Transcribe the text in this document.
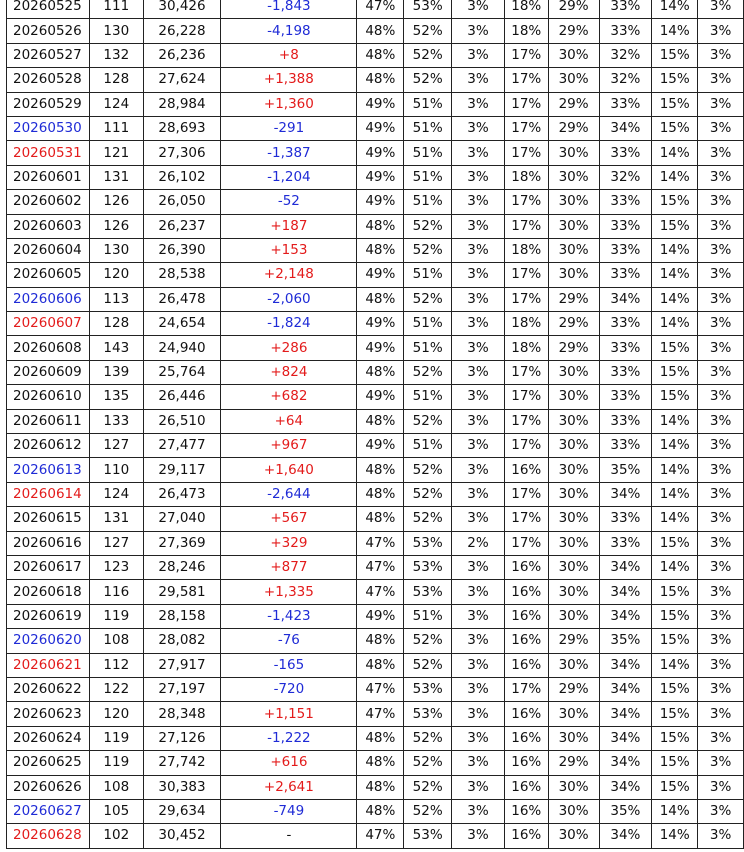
20260525	111	30,426	-1,843	47%	53%	3%	18%	29%	33%	14%	3%
20260526	130	26,228	-4,198	48%	52%	3%	18%	29%	33%	14%	3%
20260527	132	26,236	+8	48%	52%	3%	17%	30%	32%	15%	3%
20260528	128	27,624	+1,388	48%	52%	3%	17%	30%	32%	15%	3%
20260529	124	28,984	+1,360	49%	51%	3%	17%	29%	33%	15%	3%
20260530	111	28,693	-291	49%	51%	3%	17%	29%	34%	15%	3%
20260531	121	27,306	-1,387	49%	51%	3%	17%	30%	33%	14%	3%
20260601	131	26,102	-1,204	49%	51%	3%	18%	30%	32%	14%	3%
20260602	126	26,050	-52	49%	51%	3%	17%	30%	33%	15%	3%
20260603	126	26,237	+187	48%	52%	3%	17%	30%	33%	15%	3%
20260604	130	26,390	+153	48%	52%	3%	18%	30%	33%	14%	3%
20260605	120	28,538	+2,148	49%	51%	3%	17%	30%	33%	14%	3%
20260606	113	26,478	-2,060	48%	52%	3%	17%	29%	34%	14%	3%
20260607	128	24,654	-1,824	49%	51%	3%	18%	29%	33%	14%	3%
20260608	143	24,940	+286	49%	51%	3%	18%	29%	33%	15%	3%
20260609	139	25,764	+824	48%	52%	3%	17%	30%	33%	15%	3%
20260610	135	26,446	+682	49%	51%	3%	17%	30%	33%	15%	3%
20260611	133	26,510	+64	48%	52%	3%	17%	30%	33%	14%	3%
20260612	127	27,477	+967	49%	51%	3%	17%	30%	33%	14%	3%
20260613	110	29,117	+1,640	48%	52%	3%	16%	30%	35%	14%	3%
20260614	124	26,473	-2,644	48%	52%	3%	17%	30%	34%	14%	3%
20260615	131	27,040	+567	48%	52%	3%	17%	30%	33%	14%	3%
20260616	127	27,369	+329	47%	53%	2%	17%	30%	33%	15%	3%
20260617	123	28,246	+877	47%	53%	3%	16%	30%	34%	14%	3%
20260618	116	29,581	+1,335	47%	53%	3%	16%	30%	34%	15%	3%
20260619	119	28,158	-1,423	49%	51%	3%	16%	30%	34%	15%	3%
20260620	108	28,082	-76	48%	52%	3%	16%	29%	35%	15%	3%
20260621	112	27,917	-165	48%	52%	3%	16%	30%	34%	14%	3%
20260622	122	27,197	-720	47%	53%	3%	17%	29%	34%	15%	3%
20260623	120	28,348	+1,151	47%	53%	3%	16%	30%	34%	15%	3%
20260624	119	27,126	-1,222	48%	52%	3%	16%	30%	34%	15%	3%
20260625	119	27,742	+616	48%	52%	3%	16%	29%	34%	15%	3%
20260626	108	30,383	+2,641	48%	52%	3%	16%	30%	34%	15%	3%
20260627	105	29,634	-749	48%	52%	3%	16%	30%	35%	14%	3%
20260628	102	30,452	-	47%	53%	3%	16%	30%	34%	14%	3%
